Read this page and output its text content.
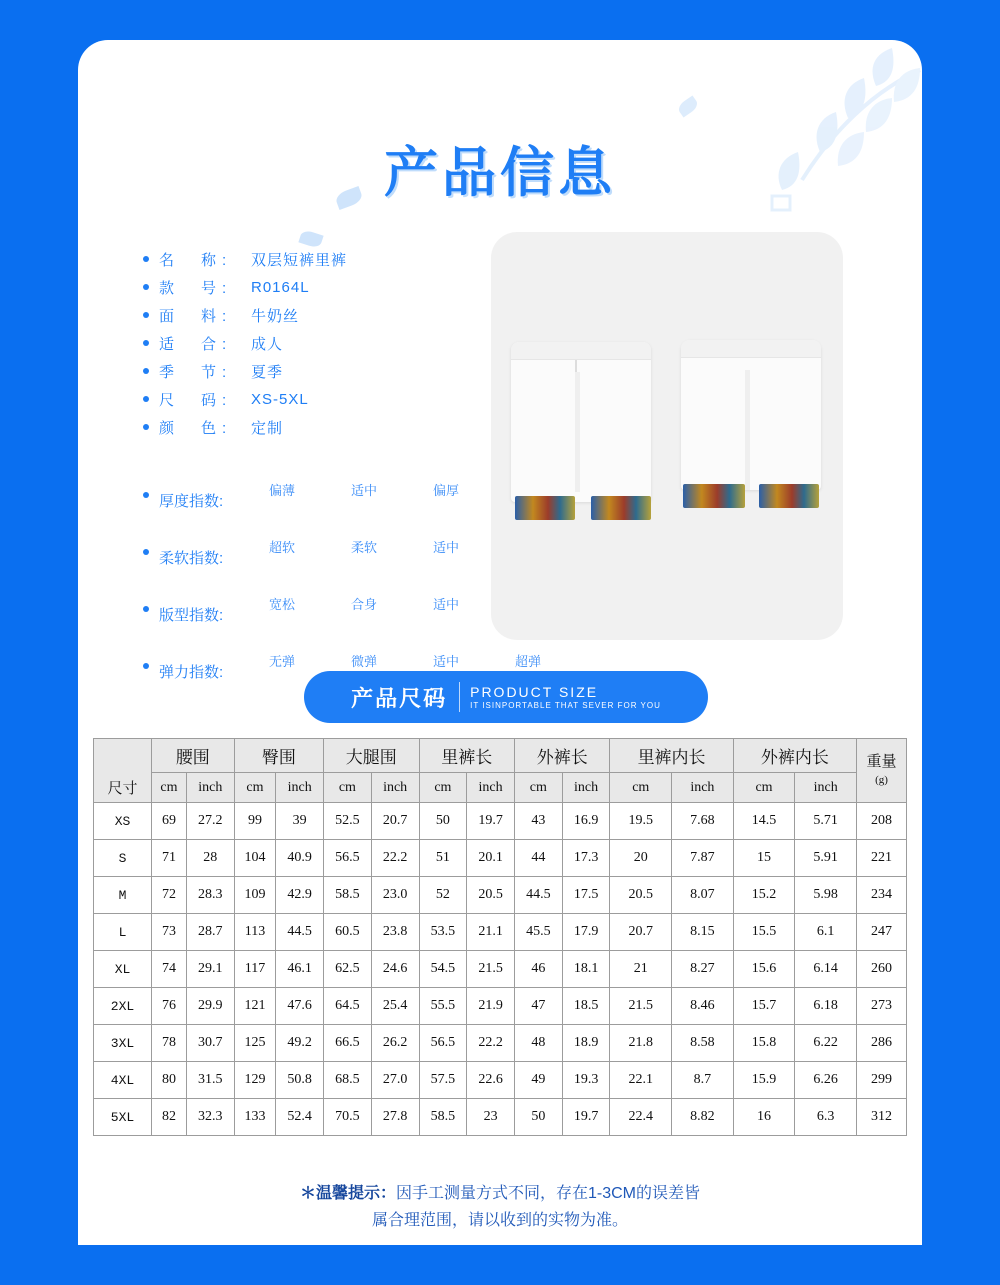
产品信息
名　称:	双层短裤里裤
款　号:	R0164L
面　料:	牛奶丝
适　合:	成人
季　节:	夏季
尺　码:	XS-5XL
颜　色:	定制
厚度指数:
偏薄	适中	偏厚
柔软指数:
超软	柔软	适中
版型指数:
宽松	合身	适中
弹力指数:
无弹	微弹	适中	超弹
产品尺码 PRODUCT SIZE
IT ISINPORTABLE THAT SEVER FOR YOU
尺寸	腰围		臀围		大腿围		里裤长		外裤长		里裤内长		外裤内长		重量
(g)
	cm	inch	cm	inch	cm	inch	cm	inch	cm	inch	cm	inch	cm	inch	
XS	69	27.2	99	39	52.5	20.7	50	19.7	43	16.9	19.5	7.68	14.5	5.71	208
S	71	28	104	40.9	56.5	22.2	51	20.1	44	17.3	20	7.87	15	5.91	221
M	72	28.3	109	42.9	58.5	23.0	52	20.5	44.5	17.5	20.5	8.07	15.2	5.98	234
L	73	28.7	113	44.5	60.5	23.8	53.5	21.1	45.5	17.9	20.7	8.15	15.5	6.1	247
XL	74	29.1	117	46.1	62.5	24.6	54.5	21.5	46	18.1	21	8.27	15.6	6.14	260
2XL	76	29.9	121	47.6	64.5	25.4	55.5	21.9	47	18.5	21.5	8.46	15.7	6.18	273
3XL	78	30.7	125	49.2	66.5	26.2	56.5	22.2	48	18.9	21.8	8.58	15.8	6.22	286
4XL	80	31.5	129	50.8	68.5	27.0	57.5	22.6	49	19.3	22.1	8.7	15.9	6.26	299
5XL	82	32.3	133	52.4	70.5	27.8	58.5	23	50	19.7	22.4	8.82	16	6.3	312
＊温馨提示：因手工测量方式不同，存在1-3CM的误差皆
属合理范围，请以收到的实物为准。
